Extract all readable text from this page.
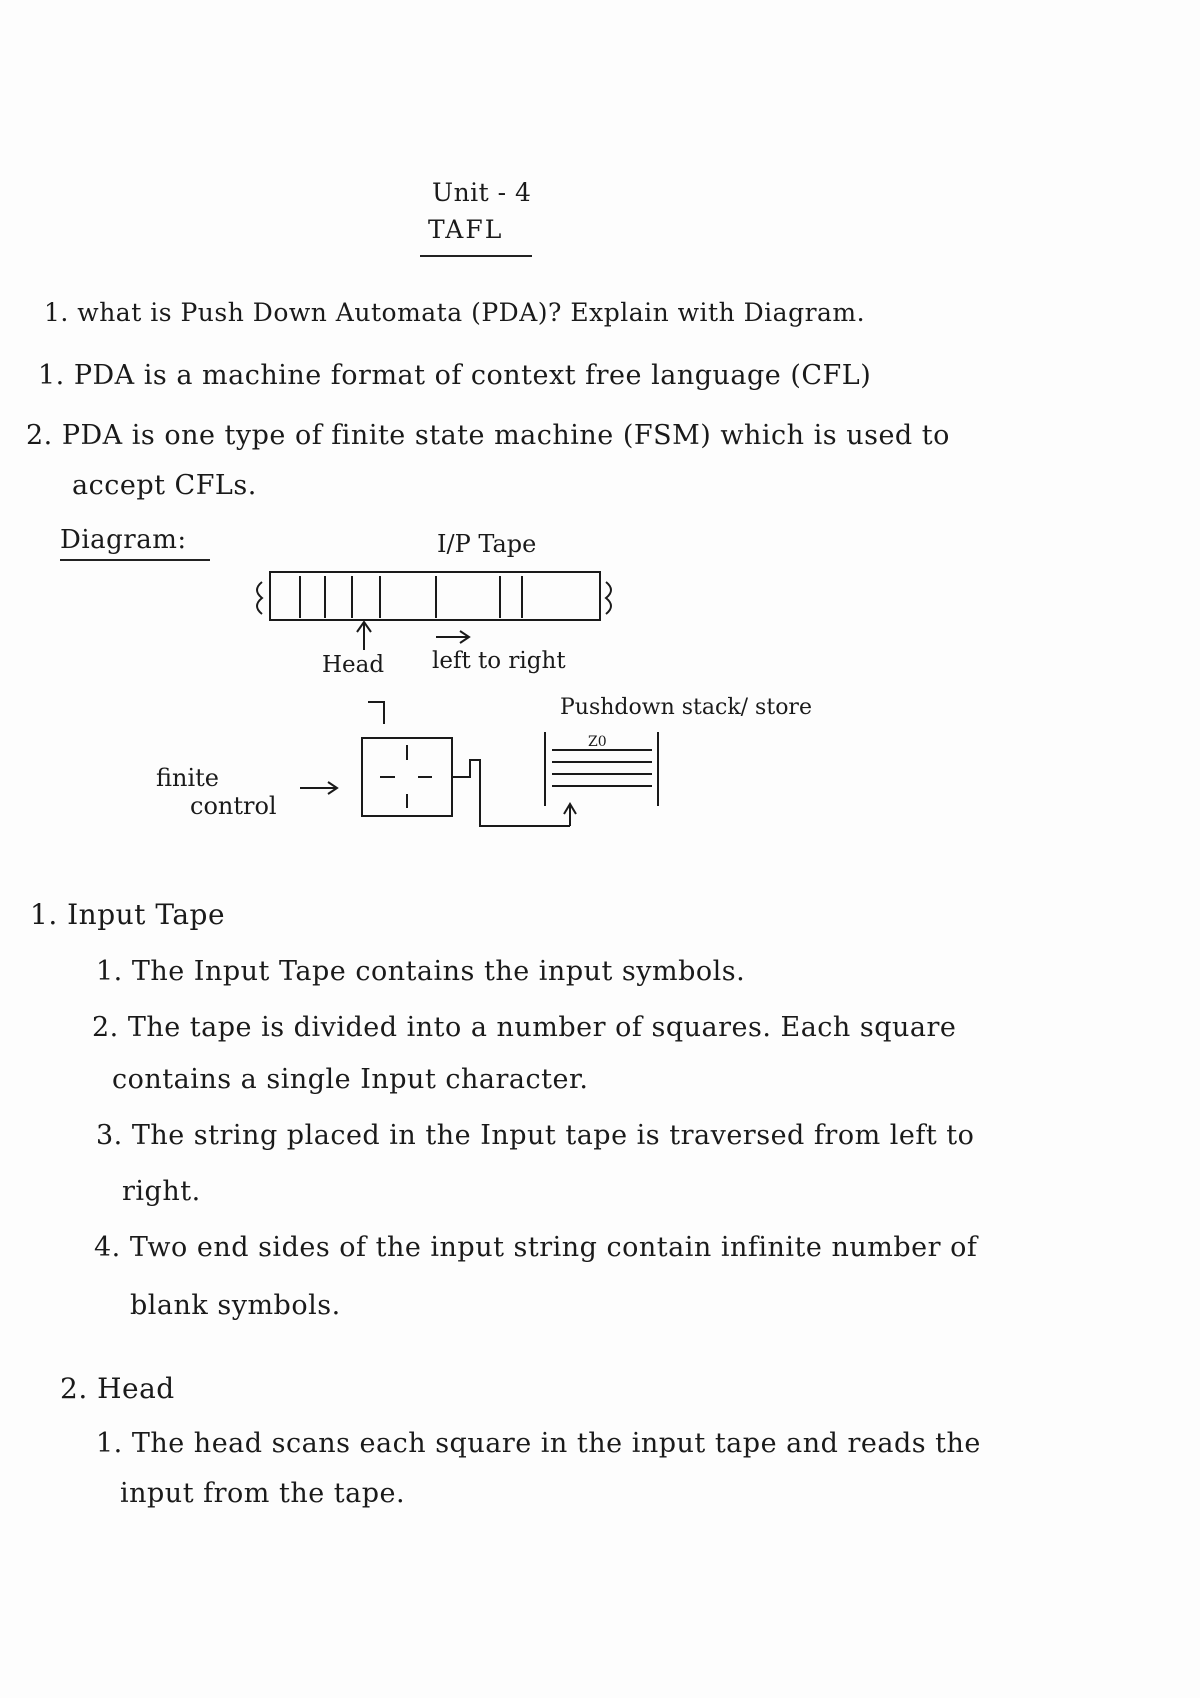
Unit - 4
TAFL
1. what is Push Down Automata (PDA)? Explain with Diagram.
1. PDA is a machine format of context free language (CFL)
2. PDA is one type of finite state machine (FSM) which is used to
accept CFLs.
Diagram:	I/P Tape
Head left to right
Pushdown stack/ store
finite
control
Z0
1. Input Tape
1. The Input Tape contains the input symbols.
2. The tape is divided into a number of squares. Each square
contains a single Input character.
3. The string placed in the Input tape is traversed from left to
right.
4. Two end sides of the input string contain infinite number of
blank symbols.
2. Head
1. The head scans each square in the input tape and reads the
input from the tape.
